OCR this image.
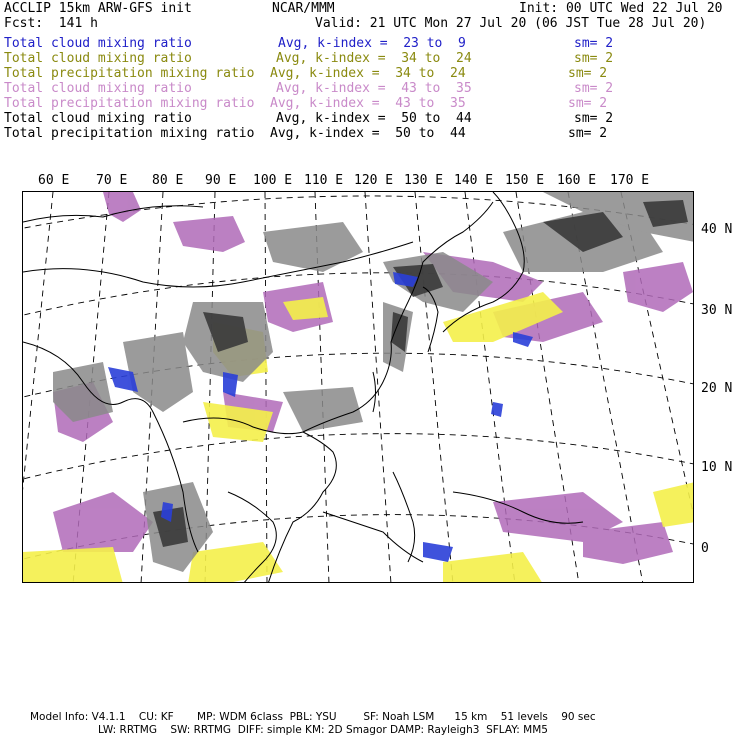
ACCLIP 15km ARW-GFS init	NCAR/MMM	Init: 00 UTC Wed 22 Jul 20
Fcst:  141 h	Valid: 21 UTC Mon 27 Jul 20 (06 JST Tue 28 Jul 20)
Total cloud mixing ratio	Avg, k-index =  23 to  9	sm= 2
Total cloud mixing ratio	Avg, k-index =  34 to  24	sm= 2
Total precipitation mixing ratio Avg, k-index =  34 to  24	sm= 2
Total cloud mixing ratio	Avg, k-index =  43 to  35	sm= 2
Total precipitation mixing ratio Avg, k-index =  43 to  35	sm= 2
Total cloud mixing ratio	Avg, k-index =  50 to  44	sm= 2
Total precipitation mixing ratio Avg, k-index =  50 to  44	sm= 2
60 E 70 E 80 E 90 E 100 E 110 E 120 E 130 E 140 E 150 E 160 E 170 E
40 N
30 N
20 N
10 N
0
Model Info: V4.1.1    CU: KF       MP: WDM 6class  PBL: YSU        SF: Noah LSM      15 km    51 levels    90 sec
LW: RRTMG    SW: RRTMG  DIFF: simple KM: 2D Smagor DAMP: Rayleigh3  SFLAY: MM5
